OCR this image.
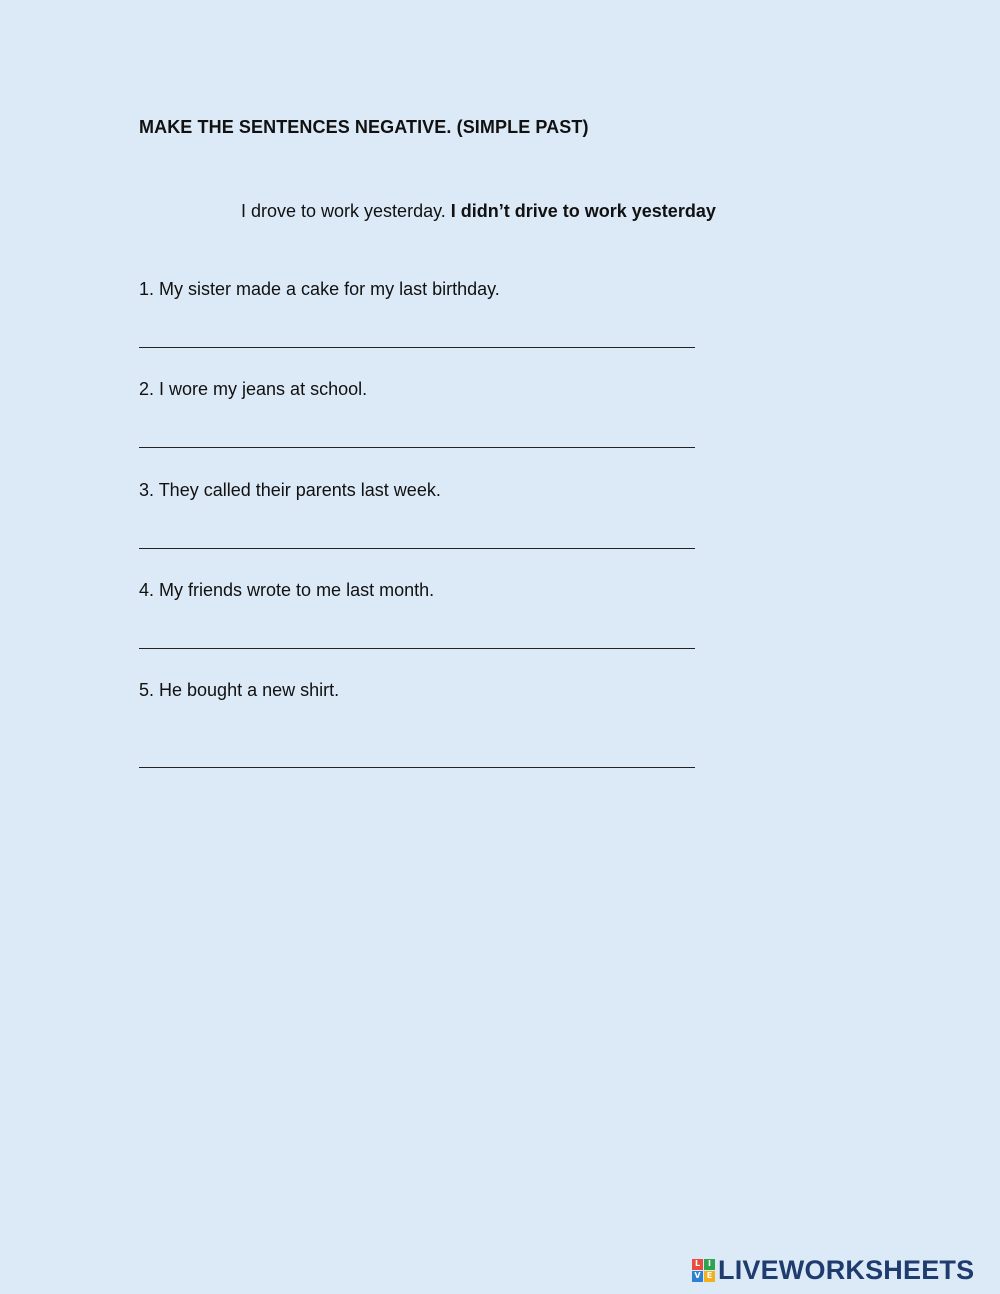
MAKE THE SENTENCES NEGATIVE. (SIMPLE PAST)
I drove to work yesterday. I didn’t drive to work yesterday
1. My sister made a cake for my last birthday.
2. I wore my jeans at school.
3. They called their parents last week.
4. My friends wrote to me last month.
5. He bought a new shirt.
L I
V E LIVEWORKSHEETS
